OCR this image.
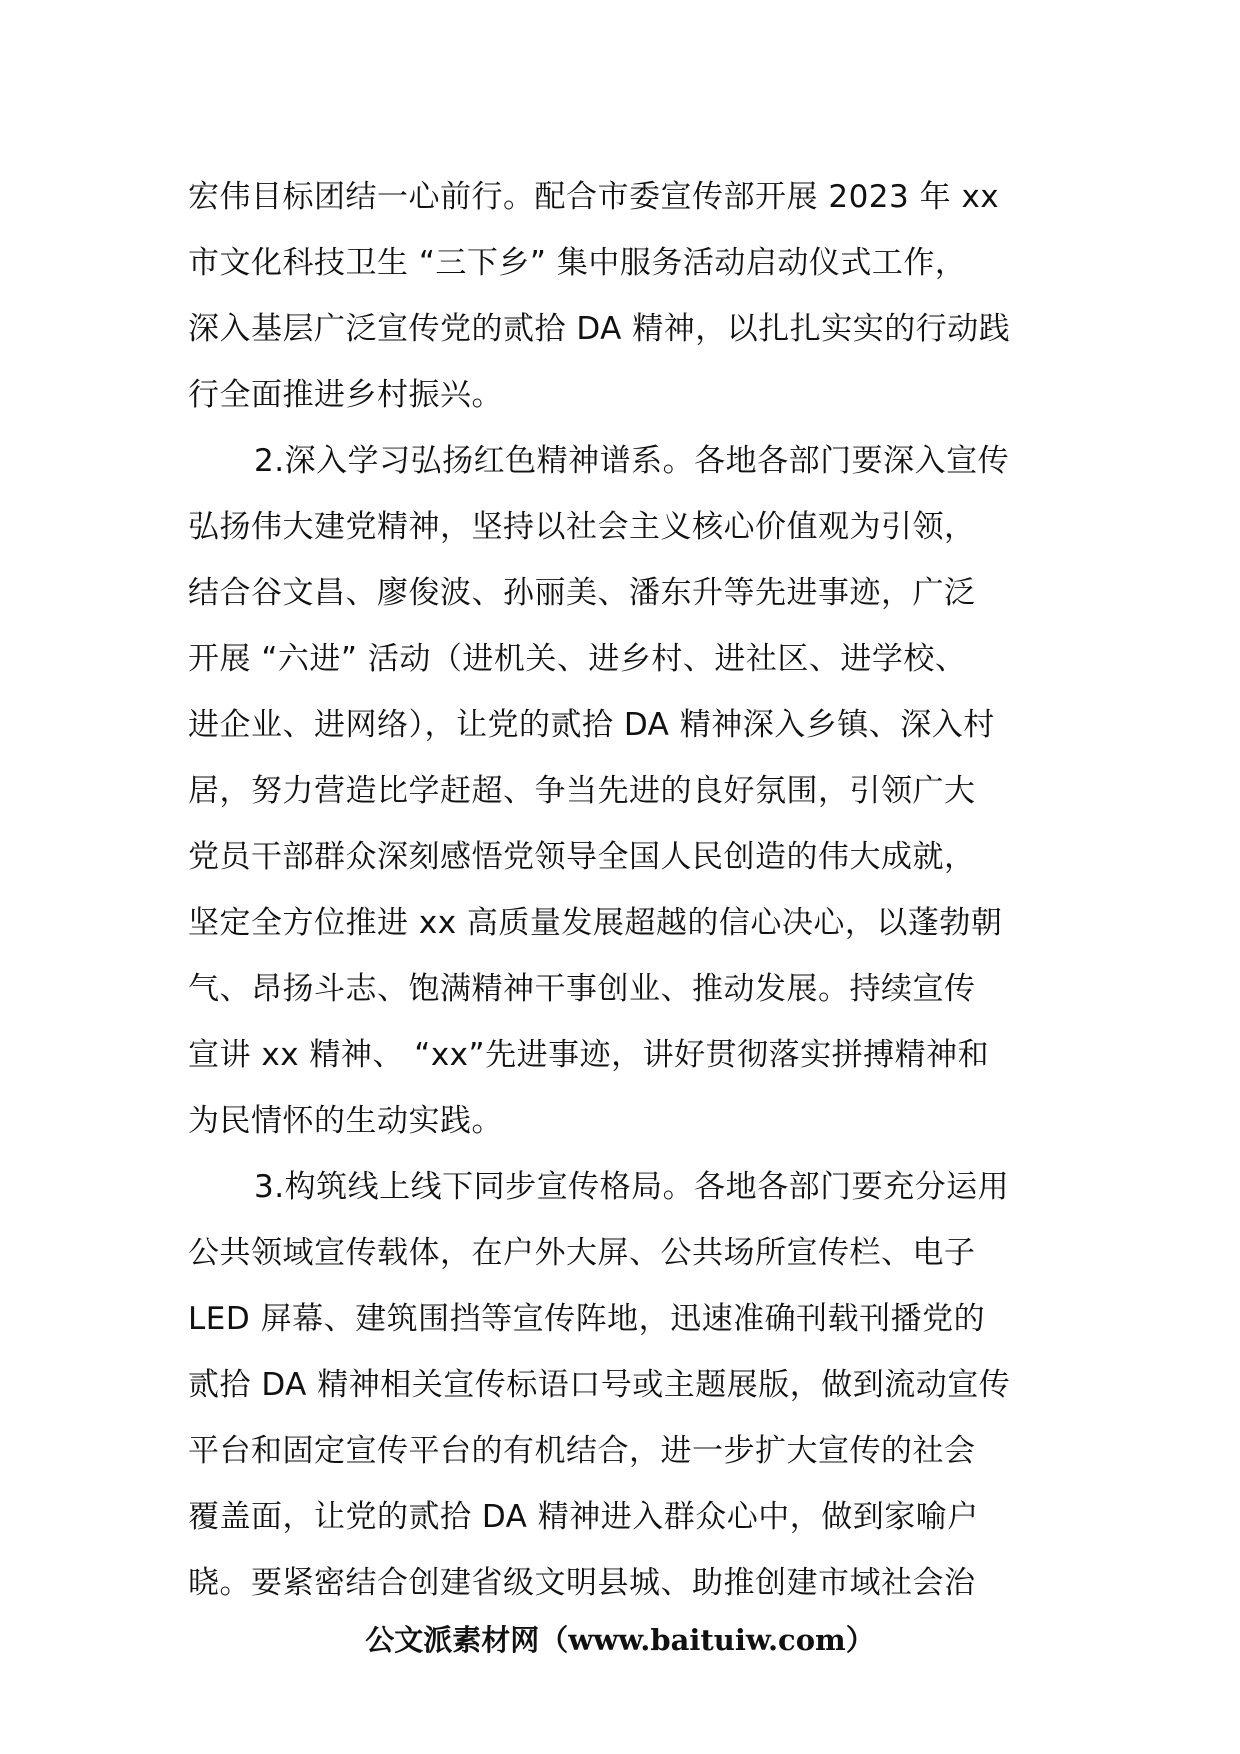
宏伟目标团结一心前行。配合市委宣传部开展 2023 年 xx
市文化科技卫生 “三下乡” 集中服务活动启动仪式工作，
深入基层广泛宣传党的贰拾 DA 精神，以扎扎实实的行动践
行全面推进乡村振兴。
2.深入学习弘扬红色精神谱系。各地各部门要深入宣传
弘扬伟大建党精神，坚持以社会主义核心价值观为引领，
结合谷文昌、廖俊波、孙丽美、潘东升等先进事迹，广泛
开展 “六进” 活动（进机关、进乡村、进社区、进学校、
进企业、进网络），让党的贰拾 DA 精神深入乡镇、深入村
居，努力营造比学赶超、争当先进的良好氛围，引领广大
党员干部群众深刻感悟党领导全国人民创造的伟大成就，
坚定全方位推进 xx 高质量发展超越的信心决心，以蓬勃朝
气、昂扬斗志、饱满精神干事创业、推动发展。持续宣传
宣讲 xx 精神、 “xx”先进事迹，讲好贯彻落实拼搏精神和
为民情怀的生动实践。
3.构筑线上线下同步宣传格局。各地各部门要充分运用
公共领域宣传载体，在户外大屏、公共场所宣传栏、电子
LED 屏幕、建筑围挡等宣传阵地，迅速准确刊载刊播党的
贰拾 DA 精神相关宣传标语口号或主题展版，做到流动宣传
平台和固定宣传平台的有机结合，进一步扩大宣传的社会
覆盖面，让党的贰拾 DA 精神进入群众心中，做到家喻户
晓。要紧密结合创建省级文明县城、助推创建市域社会治
公文派素材网（www.baitui​w.com）
